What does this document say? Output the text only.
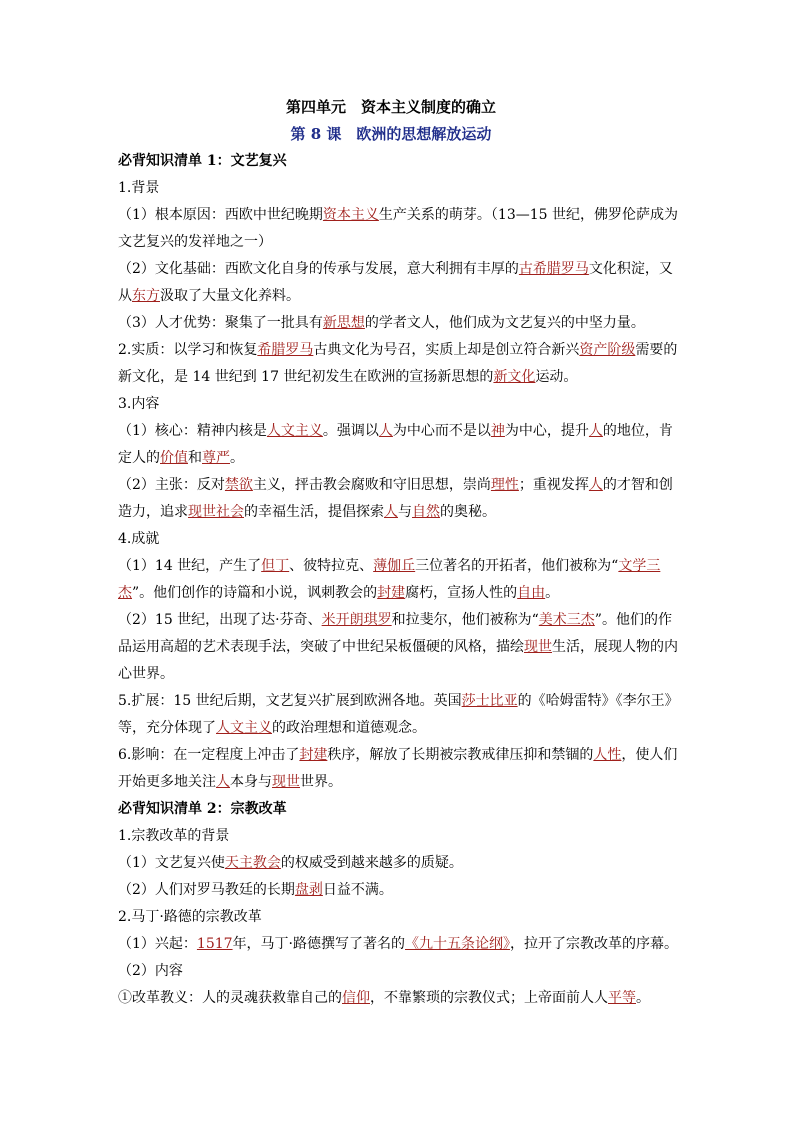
第四单元　资本主义制度的确立
第 8 课　欧洲的思想解放运动

必背知识清单 1：文艺复兴

1.背景

（1）根本原因：西欧中世纪晚期资本主义生产关系的萌芽。（13—15 世纪，佛罗伦萨成为文艺复兴的发祥地之一）

（2）文化基础：西欧文化自身的传承与发展，意大利拥有丰厚的古希腊罗马文化积淀，又从东方汲取了大量文化养料。

（3）人才优势：聚集了一批具有新思想的学者文人，他们成为文艺复兴的中坚力量。

2.实质：以学习和恢复希腊罗马古典文化为号召，实质上却是创立符合新兴资产阶级需要的新文化，是 14 世纪到 17 世纪初发生在欧洲的宣扬新思想的新文化运动。

3.内容

（1）核心：精神内核是人文主义。强调以人为中心而不是以神为中心，提升人的地位，肯定人的价值和尊严。

（2）主张：反对禁欲主义，抨击教会腐败和守旧思想，崇尚理性；重视发挥人的才智和创造力，追求现世社会的幸福生活，提倡探索人与自然的奥秘。

4.成就

（1）14 世纪，产生了但丁、彼特拉克、薄伽丘三位著名的开拓者，他们被称为“文学三杰”。他们创作的诗篇和小说，讽刺教会的封建腐朽，宣扬人性的自由。

（2）15 世纪，出现了达·芬奇、米开朗琪罗和拉斐尔，他们被称为“美术三杰”。他们的作品运用高超的艺术表现手法，突破了中世纪呆板僵硬的风格，描绘现世生活，展现人物的内心世界。

5.扩展：15 世纪后期，文艺复兴扩展到欧洲各地。英国莎士比亚的《哈姆雷特》《李尔王》等，充分体现了人文主义的政治理想和道德观念。

6.影响：在一定程度上冲击了封建秩序，解放了长期被宗教戒律压抑和禁锢的人性，使人们开始更多地关注人本身与现世世界。

必背知识清单 2：宗教改革

1.宗教改革的背景

（1）文艺复兴使天主教会的权威受到越来越多的质疑。

（2）人们对罗马教廷的长期盘剥日益不满。

2.马丁·路德的宗教改革

（1）兴起：1517年，马丁·路德撰写了著名的《九十五条论纲》，拉开了宗教改革的序幕。

（2）内容

①改革教义：人的灵魂获救靠自己的信仰，不靠繁琐的宗教仪式；上帝面前人人平等。
